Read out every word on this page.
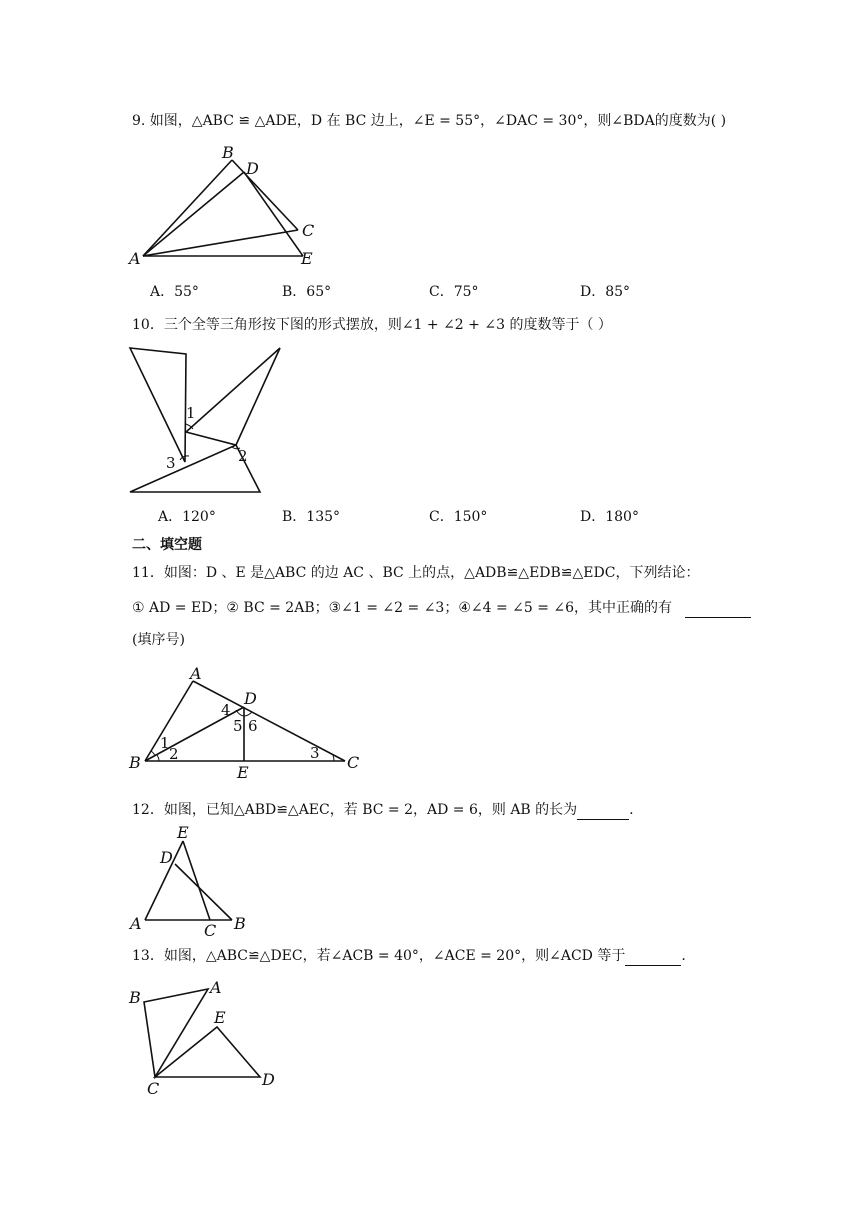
9. 如图，△ABC ≌ △ADE，D 在 BC 边上，∠E = 55°，∠DAC = 30°，则∠BDA的度数为( )
B
D
C
A	E
A．55°	B．65°	C．75°	D．85°
10．三个全等三角形按下图的形式摆放，则∠1 + ∠2 + ∠3 的度数等于（ ）
1
2
3
A．120°	B．135°	C．150°	D．180°
二、填空题
11．如图：D 、E 是△ABC 的边 AC 、BC 上的点，△ADB≌△EDB≌△EDC，下列结论：
① AD = ED；② BC = 2AB；③∠1 = ∠2 = ∠3；④∠4 = ∠5 = ∠6，其中正确的有
(填序号)
A
D
B	C
E
1
2	3
4
5 6
12．如图，已知△ABD≌△AEC，若 BC = 2，AD = 6，则 AB 的长为	.
E
D
A	C B
13．如图，△ABC≌△DEC，若∠ACB = 40°，∠ACE = 20°，则∠ACD 等于	.
B
A
E
C	D
